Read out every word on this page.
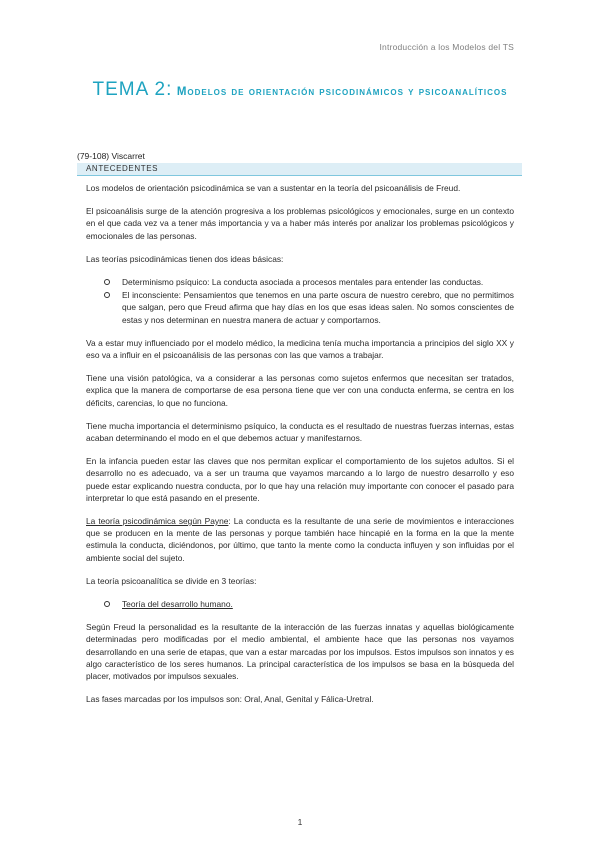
Introducción a los Modelos del TS
TEMA 2: Modelos de orientación psicodinámicos y psicoanalíticos
(79-108) Viscarret
ANTECEDENTES

Los modelos de orientación psicodinámica se van a sustentar en la teoría del psicoanálisis de Freud.

El psicoanálisis surge de la atención progresiva a los problemas psicológicos y emocionales, surge en un contexto en el que cada vez va a tener más importancia y va a haber más interés por analizar los problemas psicológicos y emocionales de las personas.

Las teorías psicodinámicas tienen dos ideas básicas:

Determinismo psíquico: La conducta asociada a procesos mentales para entender las conductas.
El inconsciente: Pensamientos que tenemos en una parte oscura de nuestro cerebro, que no permitimos que salgan, pero que Freud afirma que hay días en los que esas ideas salen. No somos conscientes de estas y nos determinan en nuestra manera de actuar y comportarnos.

Va a estar muy influenciado por el modelo médico, la medicina tenía mucha importancia a principios del siglo XX y eso va a influir en el psicoanálisis de las personas con las que vamos a trabajar.

Tiene una visión patológica, va a considerar a las personas como sujetos enfermos que necesitan ser tratados, explica que la manera de comportarse de esa persona tiene que ver con una conducta enferma, se centra en los déficits, carencias, lo que no funciona.

Tiene mucha importancia el determinismo psíquico, la conducta es el resultado de nuestras fuerzas internas, estas acaban determinando el modo en el que debemos actuar y manifestarnos.

En la infancia pueden estar las claves que nos permitan explicar el comportamiento de los sujetos adultos. Si el desarrollo no es adecuado, va a ser un trauma que vayamos marcando a lo largo de nuestro desarrollo y eso puede estar explicando nuestra conducta, por lo que hay una relación muy importante con conocer el pasado para interpretar lo que está pasando en el presente.

La teoría psicodinámica según Payne: La conducta es la resultante de una serie de movimientos e interacciones que se producen en la mente de las personas y porque también hace hincapié en la forma en la que la mente estimula la conducta, diciéndonos, por último, que tanto la mente como la conducta influyen y son influidas por el ambiente social del sujeto.

La teoría psicoanalítica se divide en 3 teorías:

Teoría del desarrollo humano.

Según Freud la personalidad es la resultante de la interacción de las fuerzas innatas y aquellas biológicamente determinadas pero modificadas por el medio ambiental, el ambiente hace que las personas nos vayamos desarrollando en una serie de etapas, que van a estar marcadas por los impulsos. Estos impulsos son innatos y es algo característico de los seres humanos. La principal característica de los impulsos se basa en la búsqueda del placer, motivados por impulsos sexuales.

Las fases marcadas por los impulsos son: Oral, Anal, Genital y Fálica-Uretral.

1
